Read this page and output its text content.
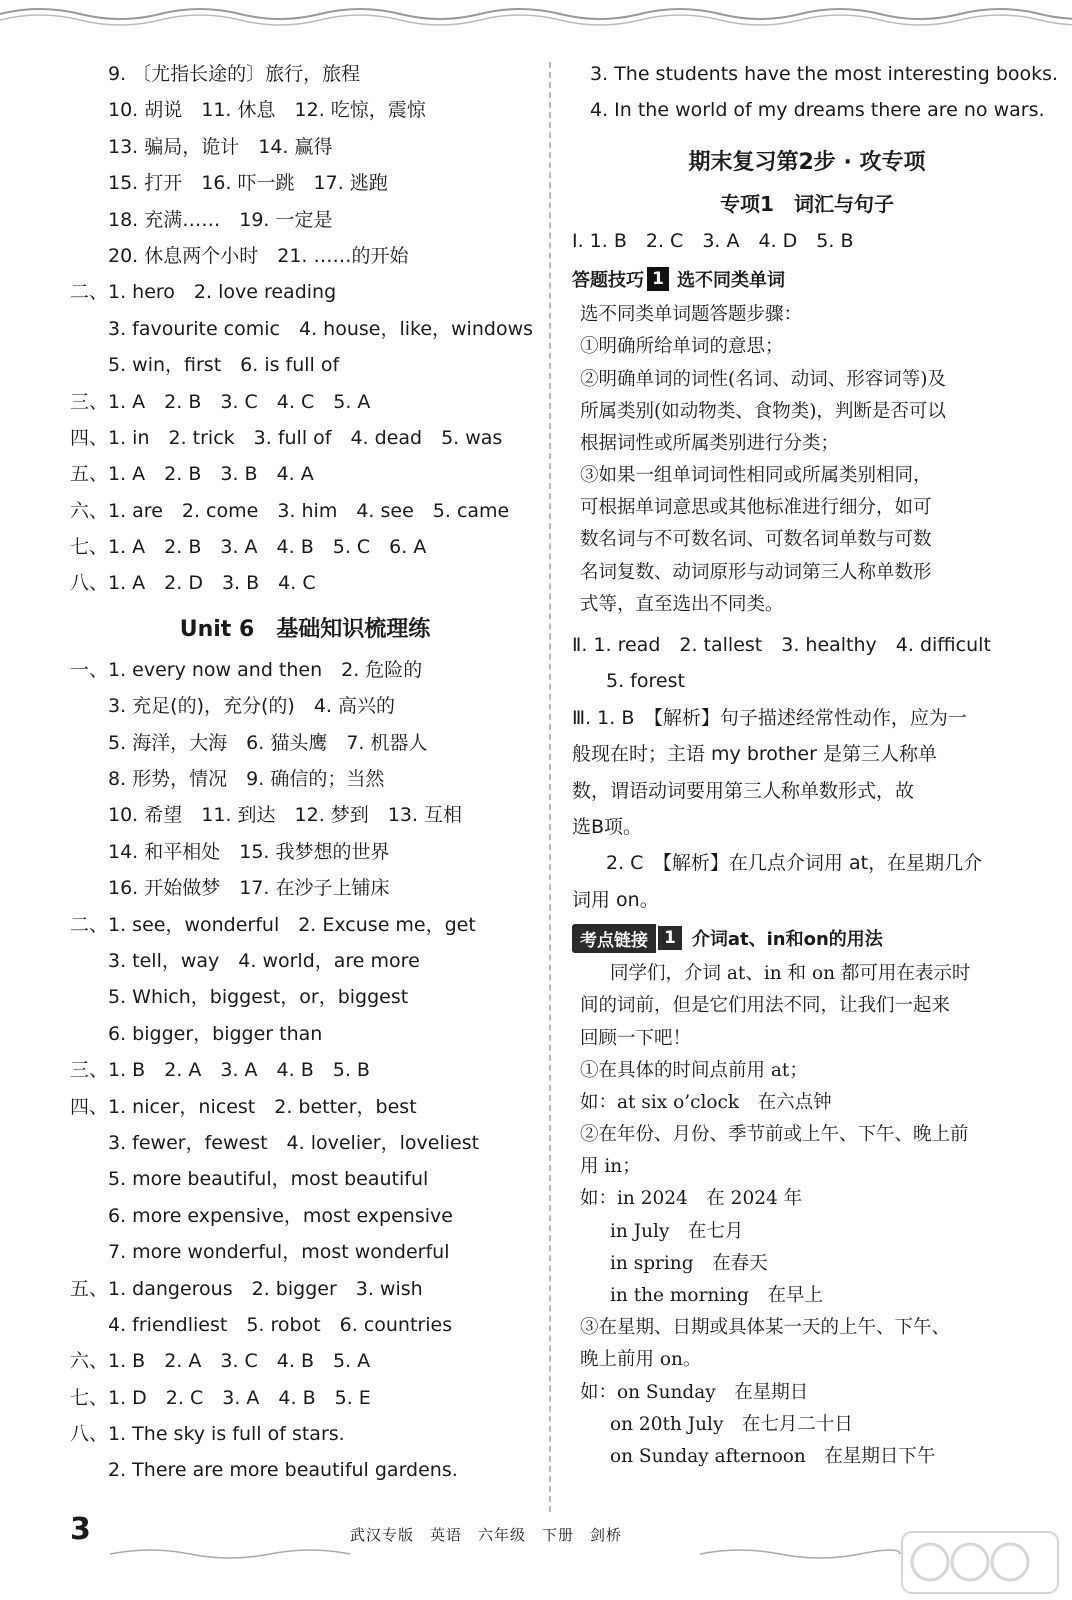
9. 〔尤指长途的〕旅行，旅程
10. 胡说　11. 休息　12. 吃惊，震惊
13. 骗局，诡计　14. 赢得
15. 打开　16. 吓一跳　17. 逃跑
18. 充满……　19. 一定是
20. 休息两个小时　21. ……的开始
二、1. hero　2. love reading
3. favourite comic　4. house，like，windows
5. win，first　6. is full of
三、1. A　2. B　3. C　4. C　5. A
四、1. in　2. trick　3. full of　4. dead　5. was
五、1. A　2. B　3. B　4. A
六、1. are　2. come　3. him　4. see　5. came
七、1. A　2. B　3. A　4. B　5. C　6. A
八、1. A　2. D　3. B　4. C
Unit 6　基础知识梳理练
一、1. every now and then　2. 危险的
3. 充足(的)，充分(的)　4. 高兴的
5. 海洋，大海　6. 猫头鹰　7. 机器人
8. 形势，情况　9. 确信的；当然
10. 希望　11. 到达　12. 梦到　13. 互相
14. 和平相处　15. 我梦想的世界
16. 开始做梦　17. 在沙子上铺床
二、1. see，wonderful　2. Excuse me，get
3. tell，way　4. world，are more
5. Which，biggest，or，biggest
6. bigger，bigger than
三、1. B　2. A　3. A　4. B　5. B
四、1. nicer，nicest　2. better，best
3. fewer，fewest　4. lovelier，loveliest
5. more beautiful，most beautiful
6. more expensive，most expensive
7. more wonderful，most wonderful
五、1. dangerous　2. bigger　3. wish
4. friendliest　5. robot　6. countries
六、1. B　2. A　3. C　4. B　5. A
七、1. D　2. C　3. A　4. B　5. E
八、1. The sky is full of stars.
2. There are more beautiful gardens.
3. The students have the most interesting books.
4. In the world of my dreams there are no wars.
期末复习第2步 · 攻专项
专项1　词汇与句子
Ⅰ. 1. B　2. C　3. A　4. D　5. B
答题技巧 1 选不同类单词
选不同类单词题答题步骤：
①明确所给单词的意思；
②明确单词的词性(名词、动词、形容词等)及
所属类别(如动物类、食物类)，判断是否可以
根据词性或所属类别进行分类；
③如果一组单词词性相同或所属类别相同，
可根据单词意思或其他标准进行细分，如可
数名词与不可数名词、可数名词单数与可数
名词复数、动词原形与动词第三人称单数形
式等，直至选出不同类。
Ⅱ. 1. read　2. tallest　3. healthy　4. difficult
5. forest
Ⅲ. 1. B　【解析】句子描述经常性动作，应为一
般现在时；主语 my brother 是第三人称单
数，谓语动词要用第三人称单数形式，故
选B项。
2. C　【解析】在几点介词用 at，在星期几介
词用 on。
考点链接 1 介词at、in和on的用法
同学们，介词 at、in 和 on 都可用在表示时
间的词前，但是它们用法不同，让我们一起来
回顾一下吧！
①在具体的时间点前用 at；
如：at six o’clock　在六点钟
②在年份、月份、季节前或上午、下午、晚上前
用 in；
如：in 2024　在 2024 年
in July　在七月
in spring　在春天
in the morning　在早上
③在星期、日期或具体某一天的上午、下午、
晚上前用 on。
如：on Sunday　在星期日
on 20th July　在七月二十日
on Sunday afternoon　在星期日下午
3	武汉专版　英语　六年级　下册　剑桥
